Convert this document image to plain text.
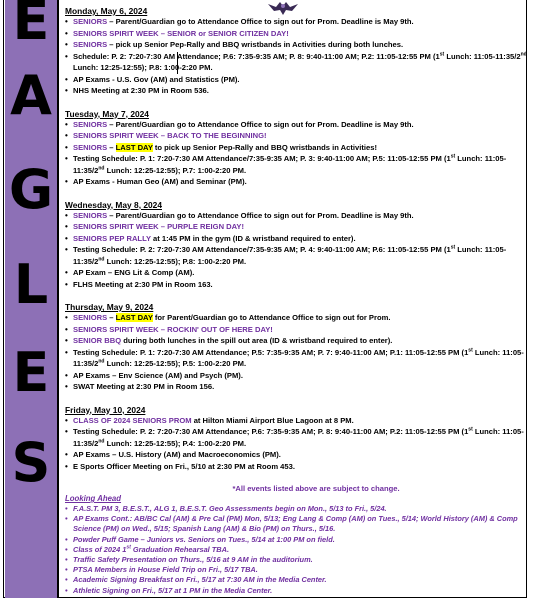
E
A
G
L
E
S
Monday, May 6, 2024
• SENIORS – Parent/Guardian go to Attendance Office to sign out for Prom. Deadline is May 9th.
• SENIORS SPIRIT WEEK – SENIOR or SENIOR CITIZEN DAY!
• SENIORS – pick up Senior Pep-Rally and BBQ wristbands in Activities during both lunches.
• Schedule: P. 2: 7:20-7:30 AM Attendance; P.6: 7:35-9:35 AM; P. 8: 9:40-11:00 AM; P.2: 11:05-12:55 PM (1st Lunch: 11:05-11:35/2nd Lunch: 12:25-12:55); P.8: 1:00-2:20 PM.
• AP Exams - U.S. Gov (AM) and Statistics (PM).
• NHS Meeting at 2:30 PM in Room 536.
Tuesday, May 7, 2024
• SENIORS – Parent/Guardian go to Attendance Office to sign out for Prom. Deadline is May 9th.
• SENIORS SPIRIT WEEK – BACK TO THE BEGINNING!
• SENIORS – LAST DAY to pick up Senior Pep-Rally and BBQ wristbands in Activities!
• Testing Schedule: P. 1: 7:20-7:30 AM Attendance/7:35-9:35 AM; P. 3: 9:40-11:00 AM; P.5: 11:05-12:55 PM (1st Lunch: 11:05-11:35/2nd Lunch: 12:25-12:55); P.7: 1:00-2:20 PM.
• AP Exams - Human Geo (AM) and Seminar (PM).
Wednesday, May 8, 2024
• SENIORS – Parent/Guardian go to Attendance Office to sign out for Prom. Deadline is May 9th.
• SENIORS SPIRIT WEEK – PURPLE REIGN DAY!
• SENIORS PEP RALLY at 1:45 PM in the gym (ID & wristband required to enter).
• Testing Schedule: P. 2: 7:20-7:30 AM Attendance/7:35-9:35 AM; P. 4: 9:40-11:00 AM; P.6: 11:05-12:55 PM (1st Lunch: 11:05-11:35/2nd Lunch: 12:25-12:55); P.8: 1:00-2:20 PM.
• AP Exam – ENG Lit & Comp (AM).
• FLHS Meeting at 2:30 PM in Room 163.
Thursday, May 9, 2024
• SENIORS – LAST DAY for Parent/Guardian go to Attendance Office to sign out for Prom.
• SENIORS SPIRIT WEEK – ROCKIN' OUT OF HERE DAY!
• SENIOR BBQ during both lunches in the spill out area (ID & wristband required to enter).
• Testing Schedule: P. 1: 7:20-7:30 AM Attendance; P.5: 7:35-9:35 AM; P. 7: 9:40-11:00 AM; P.1: 11:05-12:55 PM (1st Lunch: 11:05-11:35/2nd Lunch: 12:25-12:55); P.5: 1:00-2:20 PM.
• AP Exams – Env Science (AM) and Psych (PM).
• SWAT Meeting at 2:30 PM in Room 156.
Friday, May 10, 2024
• CLASS OF 2024 SENIORS PROM at Hilton Miami Airport Blue Lagoon at 8 PM.
• Testing Schedule: P. 2: 7:20-7:30 AM Attendance; P.6: 7:35-9:35 AM; P. 8: 9:40-11:00 AM; P.2: 11:05-12:55 PM (1st Lunch: 11:05-11:35/2nd Lunch: 12:25-12:55); P.4: 1:00-2:20 PM.
• AP Exams – U.S. History (AM) and Macroeconomics (PM).
• E Sports Officer Meeting on Fri., 5/10 at 2:30 PM at Room 453.
*All events listed above are subject to change.
Looking Ahead
• F.A.S.T. PM 3, B.E.S.T., ALG 1, B.E.S.T. Geo Assessments begin on Mon., 5/13 to Fri., 5/24.
• AP Exams Cont.: AB/BC Cal (AM) & Pre Cal (PM) Mon, 5/13; Eng Lang & Comp (AM) on Tues., 5/14; World History (AM) & Comp Science (PM) on Wed., 5/15; Spanish Lang (AM) & Bio (PM) on Thurs., 5/16.
• Powder Puff Game – Juniors vs. Seniors on Tues., 5/14 at 1:00 PM on field.
• Class of 2024 1st Graduation Rehearsal TBA.
• Traffic Safety Presentation on Thurs., 5/16 at 9 AM in the auditorium.
• PTSA Members in House Field Trip on Fri., 5/17 TBA.
• Academic Signing Breakfast on Fri., 5/17 at 7:30 AM in the Media Center.
• Athletic Signing on Fri., 5/17 at 1 PM in the Media Center.
